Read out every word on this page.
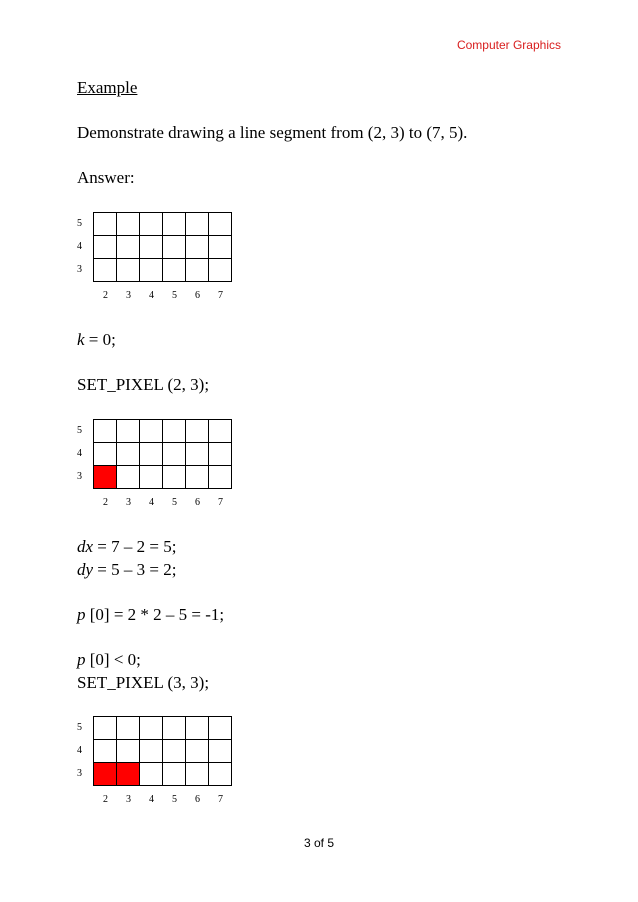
Computer Graphics
Example
Demonstrate drawing a line segment from (2, 3) to (7, 5).
Answer:
5
4
3
2	3	4	5	6	7
k = 0;
SET_PIXEL (2, 3);
5
4
3
2	3	4	5	6	7
dx = 7 – 2 = 5;
dy = 5 – 3 = 2;
p [0] = 2 * 2 – 5 = -1;
p [0] < 0;
SET_PIXEL (3, 3);
5
4
3
2	3	4	5	6	7
3 of 5
